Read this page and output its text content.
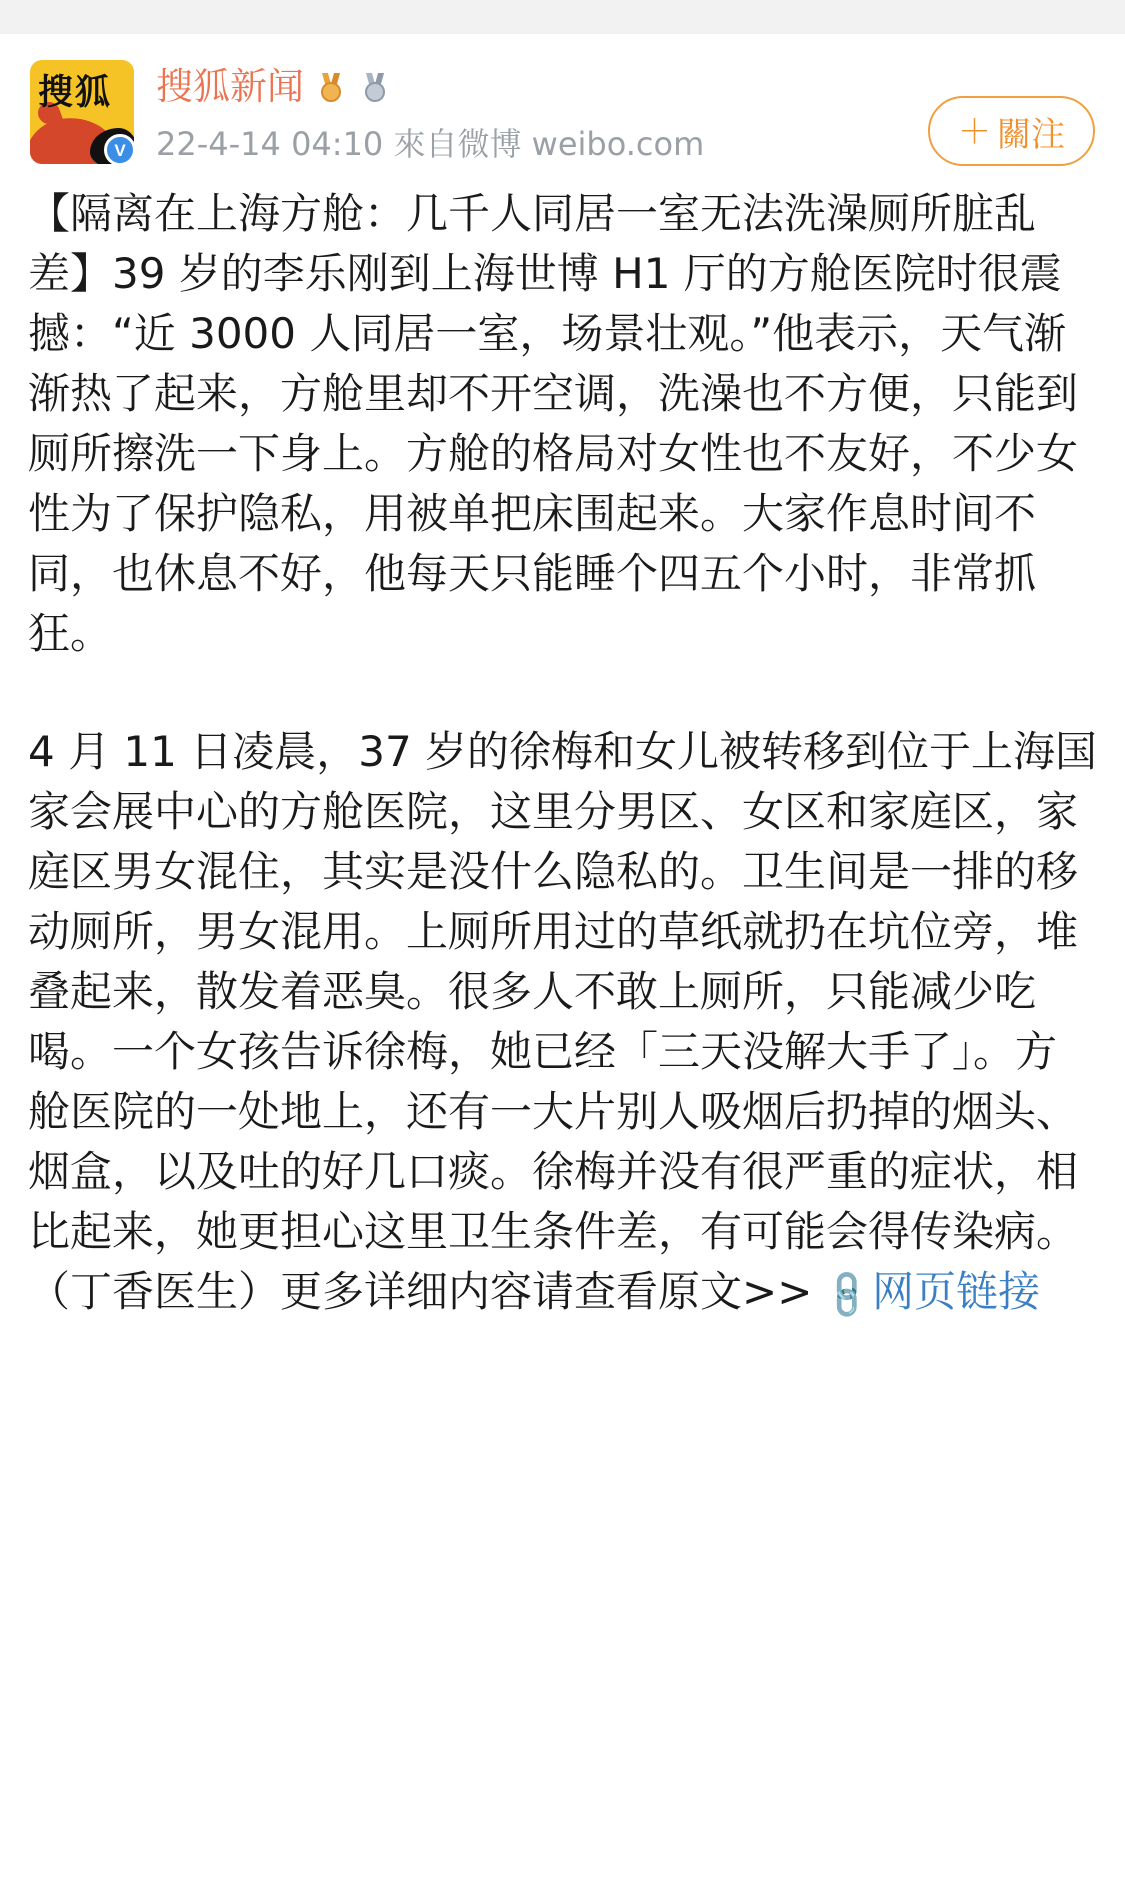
搜狐
V
搜狐新闻
22-4-14 04:10 來自微博 weibo.com	＋ 關注

【隔离在上海方舱：几千人同居一室无法洗澡厕所脏乱差】39 岁的李乐刚到上海世博 H1 厅的方舱医院时很震撼：“近 3000 人同居一室，场景壮观。”他表示，天气渐渐热了起来，方舱里却不开空调，洗澡也不方便，只能到厕所擦洗一下身上。方舱的格局对女性也不友好，不少女性为了保护隐私，用被单把床围起来。大家作息时间不同，也休息不好，他每天只能睡个四五个小时，非常抓狂。

4 月 11 日凌晨，37 岁的徐梅和女儿被转移到位于上海国家会展中心的方舱医院，这里分男区、女区和家庭区，家庭区男女混住，其实是没什么隐私的。卫生间是一排的移动厕所，男女混用。上厕所用过的草纸就扔在坑位旁，堆叠起来，散发着恶臭。很多人不敢上厕所，只能减少吃喝。一个女孩告诉徐梅，她已经「三天没解大手了」。方舱医院的一处地上，还有一大片别人吸烟后扔掉的烟头、烟盒，以及吐的好几口痰。徐梅并没有很严重的症状，相比起来，她更担心这里卫生条件差，有可能会得传染病。（丁香医生）更多详细内容请查看原文>> 🔗网页链接
